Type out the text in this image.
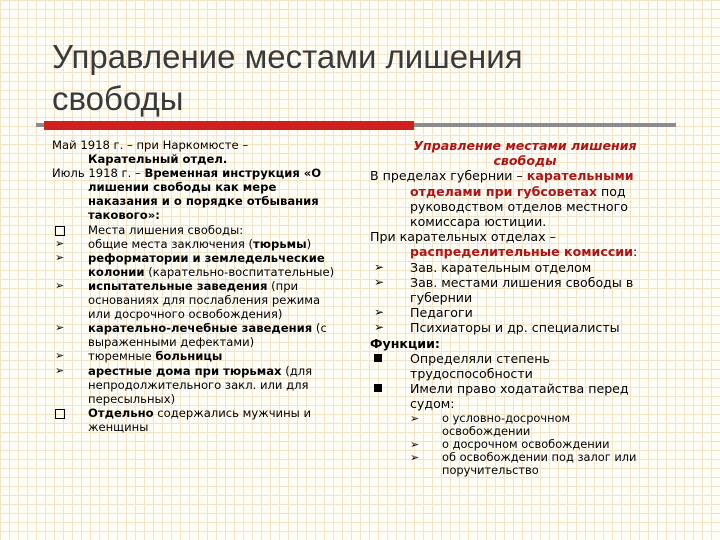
Управление местами лишения
свободы
Май 1918 г. – при Наркомюсте –
Карательный отдел.
Июль 1918 г. – Временная инструкция «О
лишении свободы как мере
наказания и о порядке отбывания
такового»:
Места лишения свободы:
➢ общие места заключения (тюрьмы)
➢ реформатории и земледельческие
колонии (карательно-воспитательные)
➢ испытательные заведения (при
основаниях для послабления режима
или досрочного освобождения)
➢ карательно-лечебные заведения (с
выраженными дефектами)
➢ тюремные больницы
➢ арестные дома при тюрьмах (для
непродолжительного закл. или для
пересыльных)
Отдельно содержались мужчины и
женщины
Управление местами лишения
свободы
В пределах губернии – карательными
отделами при губсоветах под
руководством отделов местного
комиссара юстиции.
При карательных отделах –
распределительные комиссии:
➢ Зав. карательным отделом
➢ Зав. местами лишения свободы в
губернии
➢ Педагоги
➢ Психиаторы и др. специалисты
Функции:
Определяли степень
трудоспособности
Имели право ходатайства перед
судом:
➢ о условно-досрочном
освобождении
➢ о досрочном освобождении
➢ об освобождении под залог или
поручительство
